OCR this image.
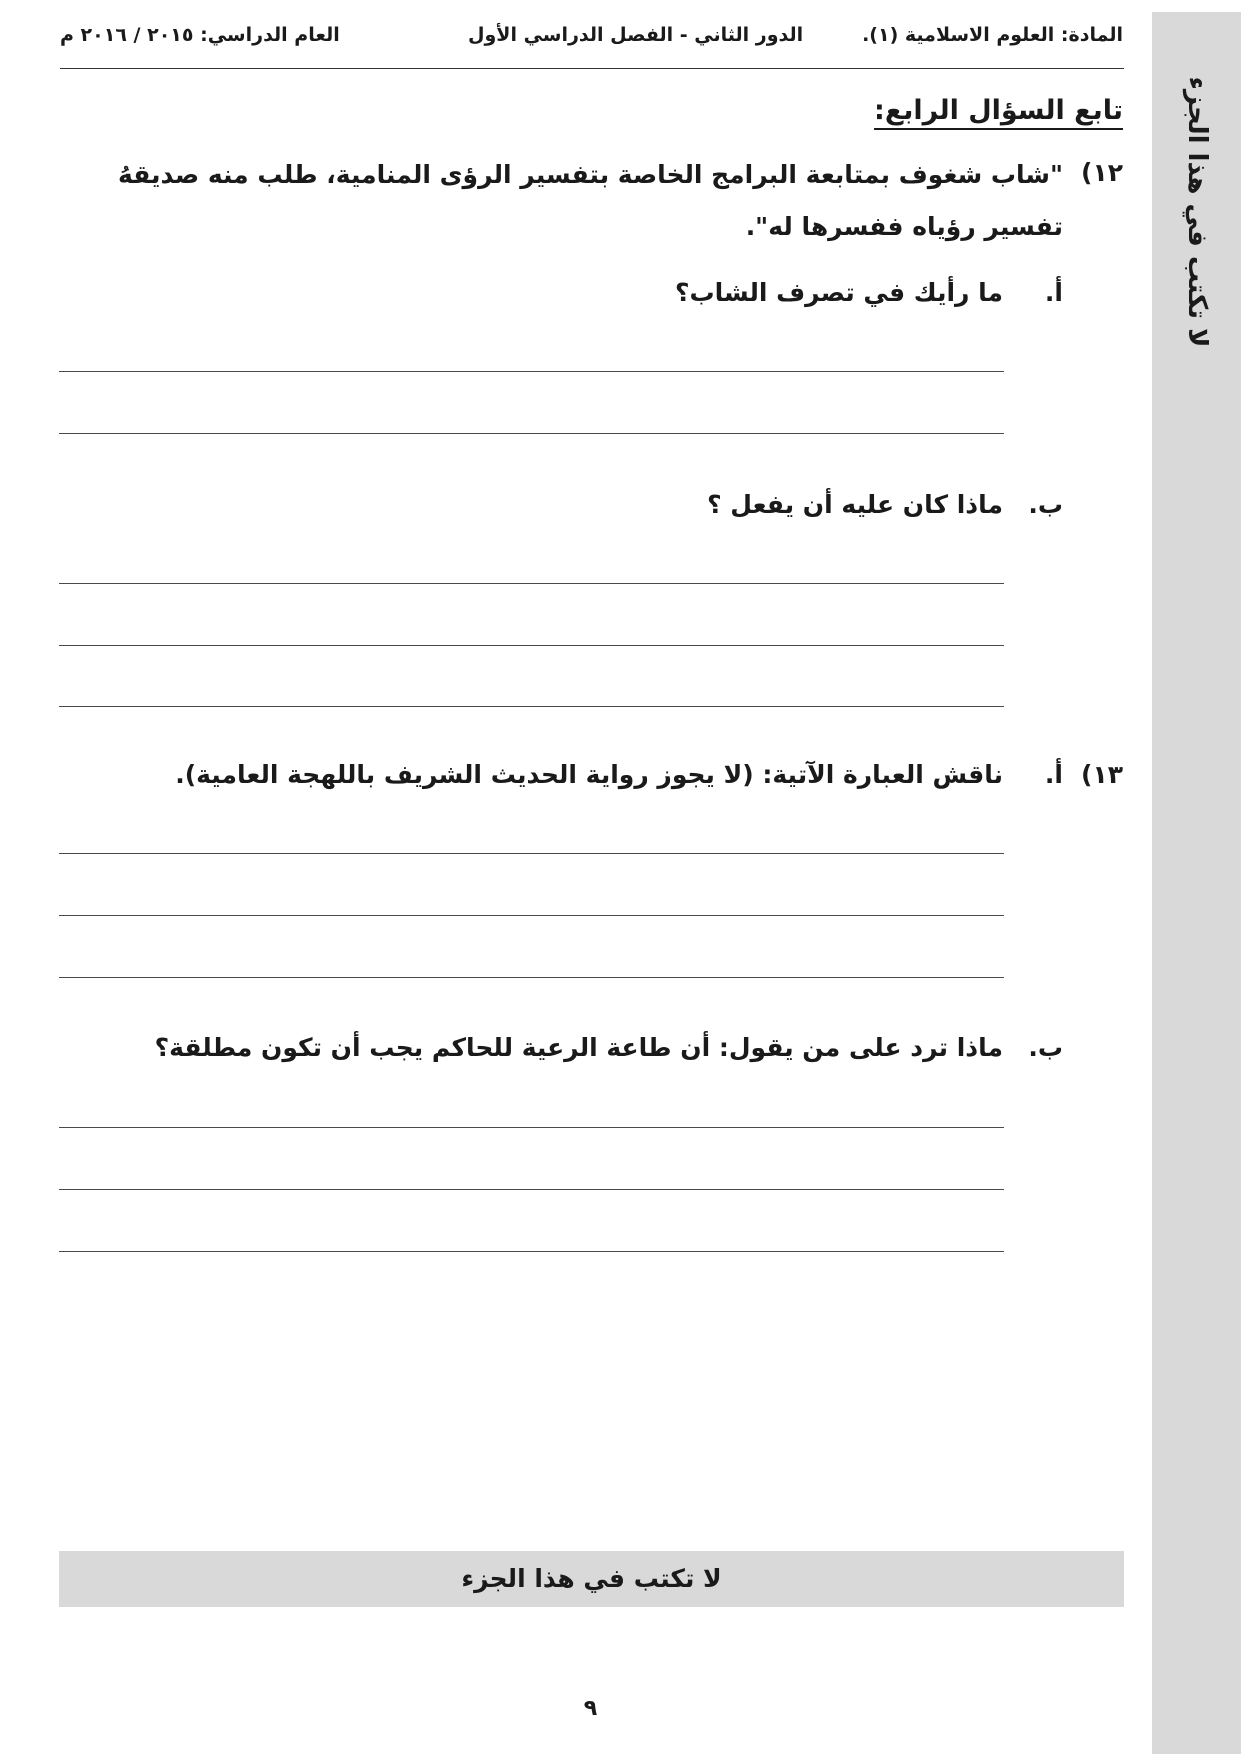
لا تكتب في هذا الجزء
المادة: العلوم الاسلامية (١).
الدور الثاني - الفصل الدراسي الأول
العام الدراسي: ٢٠١٥ / ٢٠١٦ م
تابع السؤال الرابع:
١٢)
"شاب شغوف بمتابعة البرامج الخاصة بتفسير الرؤى المنامية، طلب منه صديقهُ تفسير رؤياه ففسرها له".
أ.
ما رأيك في تصرف الشاب؟
ب.
ماذا كان عليه أن يفعل ؟
١٣)
أ.
ناقش العبارة الآتية: (لا يجوز رواية الحديث الشريف باللهجة العامية).
ب.
ماذا ترد على من يقول: أن طاعة الرعية للحاكم يجب أن تكون مطلقة؟
لا تكتب في هذا الجزء
٩
